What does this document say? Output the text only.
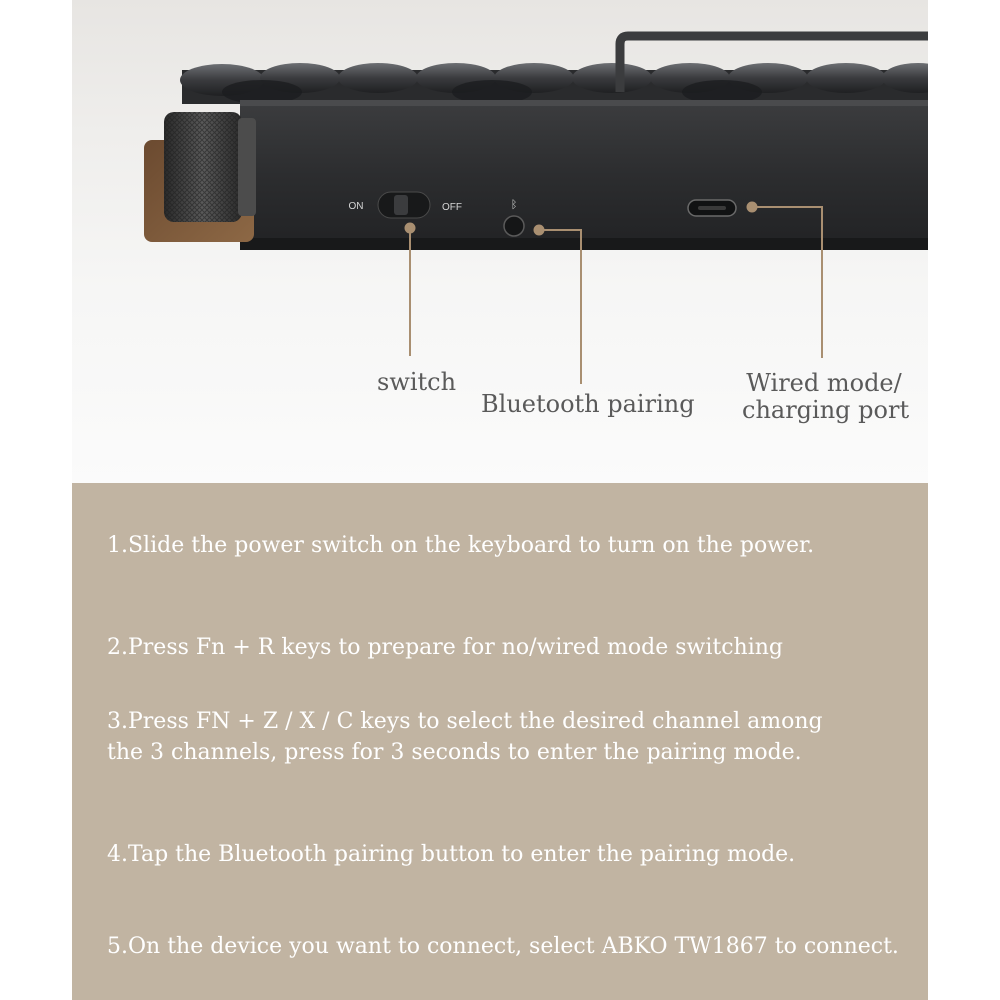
ON	OFF	ᛒ
switch
Bluetooth pairing
Wired mode/
charging port
1.Slide the power switch on the keyboard to turn on the power.
2.Press Fn + R keys to prepare for no/wired mode switching
3.Press FN + Z / X / C keys to select the desired channel among
the 3 channels, press for 3 seconds to enter the pairing mode.
4.Tap the Bluetooth pairing button to enter the pairing mode.
5.On the device you want to connect, select ABKO TW1867 to connect.
